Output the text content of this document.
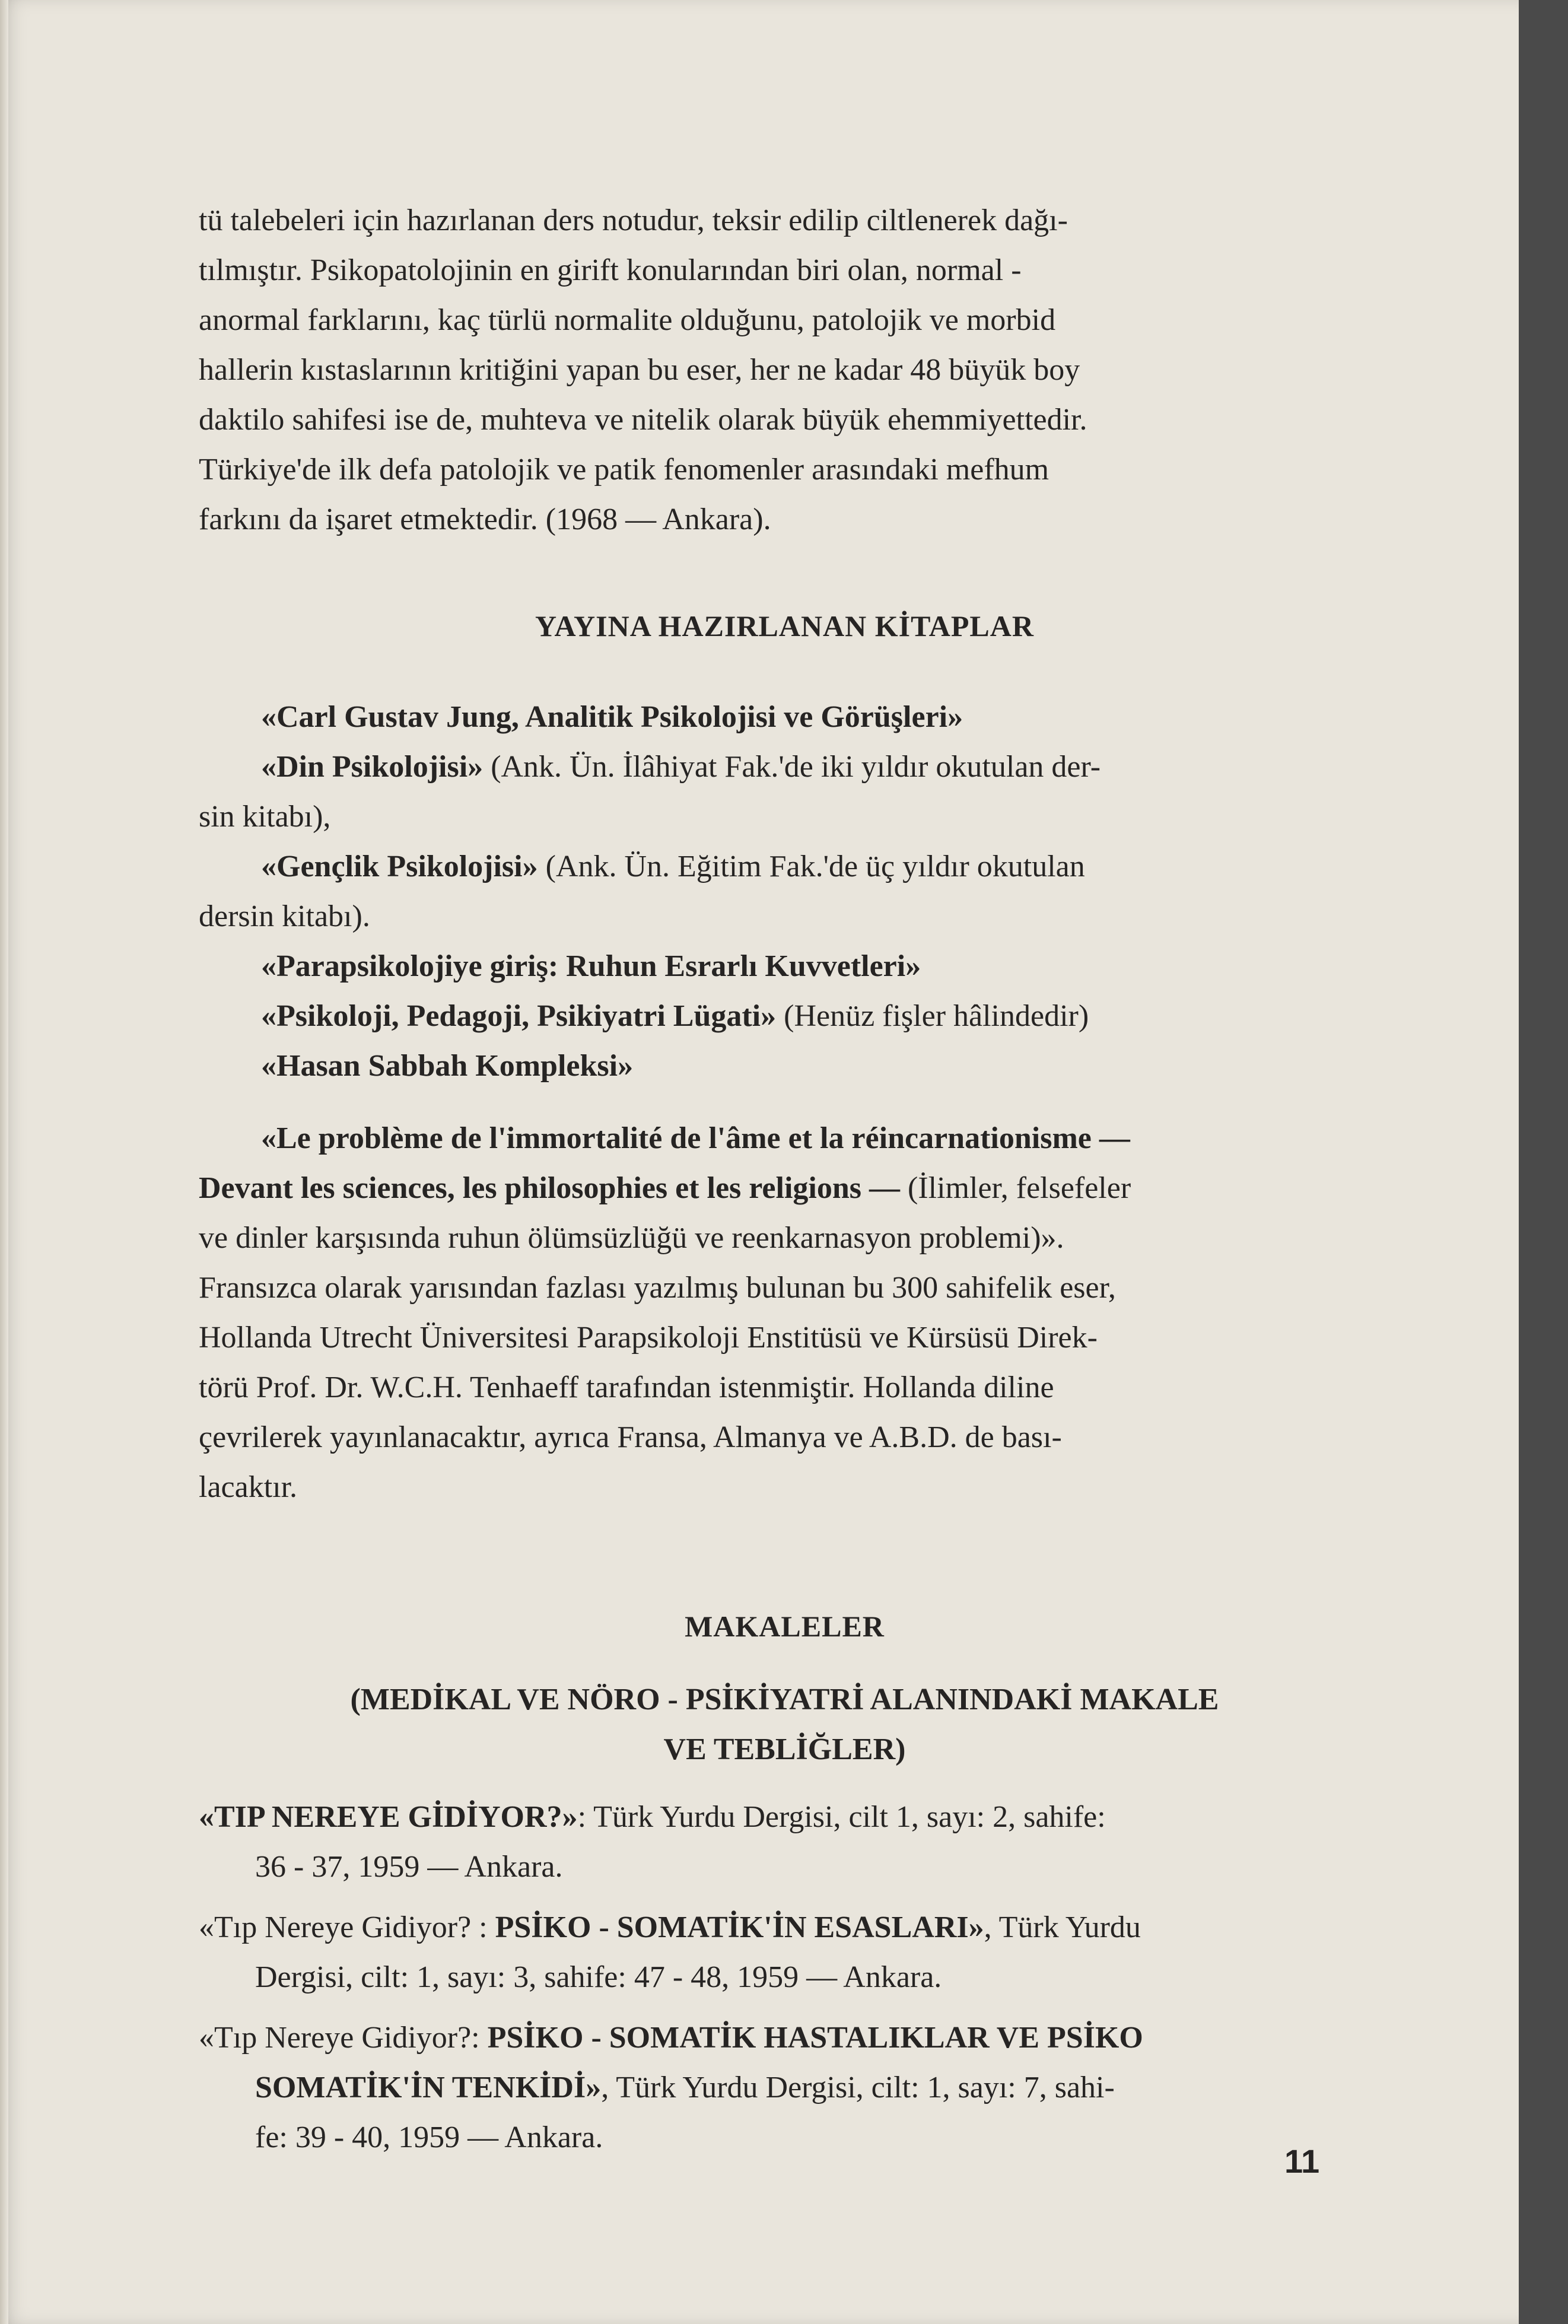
tü talebeleri için hazırlanan ders notudur, teksir edilip ciltlenerek dağı-

tılmıştır. Psikopatolojinin en girift konularından biri olan, normal -

anormal farklarını, kaç türlü normalite olduğunu, patolojik ve morbid

hallerin kıstaslarının kritiğini yapan bu eser, her ne kadar 48 büyük boy

daktilo sahifesi ise de, muhteva ve nitelik olarak büyük ehemmiyettedir.

Türkiye'de ilk defa patolojik ve patik fenomenler arasındaki mefhum

farkını da işaret etmektedir. (1968 — Ankara).

YAYINA HAZIRLANAN KİTAPLAR

«Carl Gustav Jung, Analitik Psikolojisi ve Görüşleri»

«Din Psikolojisi» (Ank. Ün. İlâhiyat Fak.'de iki yıldır okutulan der-

sin kitabı),

«Gençlik Psikolojisi» (Ank. Ün. Eğitim Fak.'de üç yıldır okutulan

dersin kitabı).

«Parapsikolojiye giriş: Ruhun Esrarlı Kuvvetleri»

«Psikoloji, Pedagoji, Psikiyatri Lügati» (Henüz fişler hâlindedir)

«Hasan Sabbah Kompleksi»

«Le problème de l'immortalité de l'âme et la réincarnationisme —

Devant les sciences, les philosophies et les religions — (İlimler, felsefeler

ve dinler karşısında ruhun ölümsüzlüğü ve reenkarnasyon problemi)».

Fransızca olarak yarısından fazlası yazılmış bulunan bu 300 sahifelik eser,

Hollanda Utrecht Üniversitesi Parapsikoloji Enstitüsü ve Kürsüsü Direk-

törü Prof. Dr. W.C.H. Tenhaeff tarafından istenmiştir. Hollanda diline

çevrilerek yayınlanacaktır, ayrıca Fransa, Almanya ve A.B.D. de bası-

lacaktır.

MAKALELER

(MEDİKAL VE NÖRO - PSİKİYATRİ ALANINDAKİ MAKALE

VE TEBLİĞLER)

«TIP NEREYE GİDİYOR?»: Türk Yurdu Dergisi, cilt 1, sayı: 2, sahife:
36 - 37, 1959 — Ankara.
«Tıp Nereye Gidiyor? : PSİKO - SOMATİK'İN ESASLARI», Türk Yurdu
Dergisi, cilt: 1, sayı: 3, sahife: 47 - 48, 1959 — Ankara.
«Tıp Nereye Gidiyor?: PSİKO - SOMATİK HASTALIKLAR VE PSİKO
SOMATİK'İN TENKİDİ», Türk Yurdu Dergisi, cilt: 1, sayı: 7, sahi-
fe: 39 - 40, 1959 — Ankara.
11
